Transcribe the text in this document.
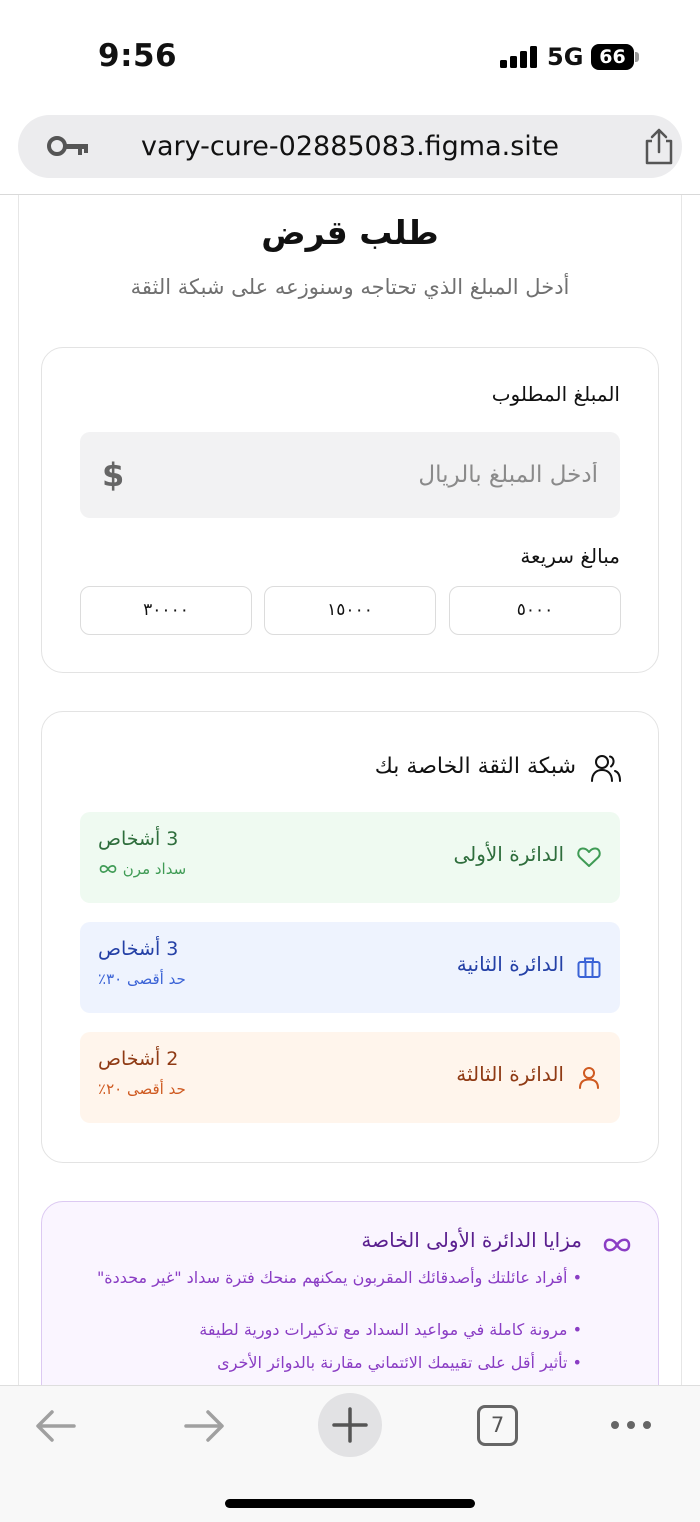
9:56	5G 66
vary-cure-02885083.figma.site
طلب قرض

أدخل المبلغ الذي تحتاجه وسنوزعه على شبكة الثقة

المبلغ المطلوب
أدخل المبلغ بالريال
$
مبالغ سريعة
٥٠٠٠
١٥٠٠٠
٣٠٠٠٠
شبكة الثقة الخاصة بك
الدائرة الأولى
3 أشخاص
سداد مرن
الدائرة الثانية
3 أشخاص
حد أقصى ٣٠٪
الدائرة الثالثة
2 أشخاص
حد أقصى ٢٠٪
مزايا الدائرة الأولى الخاصة
• أفراد عائلتك وأصدقائك المقربون يمكنهم منحك فترة سداد "غير محددة"
• مرونة كاملة في مواعيد السداد مع تذكيرات دورية لطيفة
• تأثير أقل على تقييمك الائتماني مقارنة بالدوائر الأخرى
7
